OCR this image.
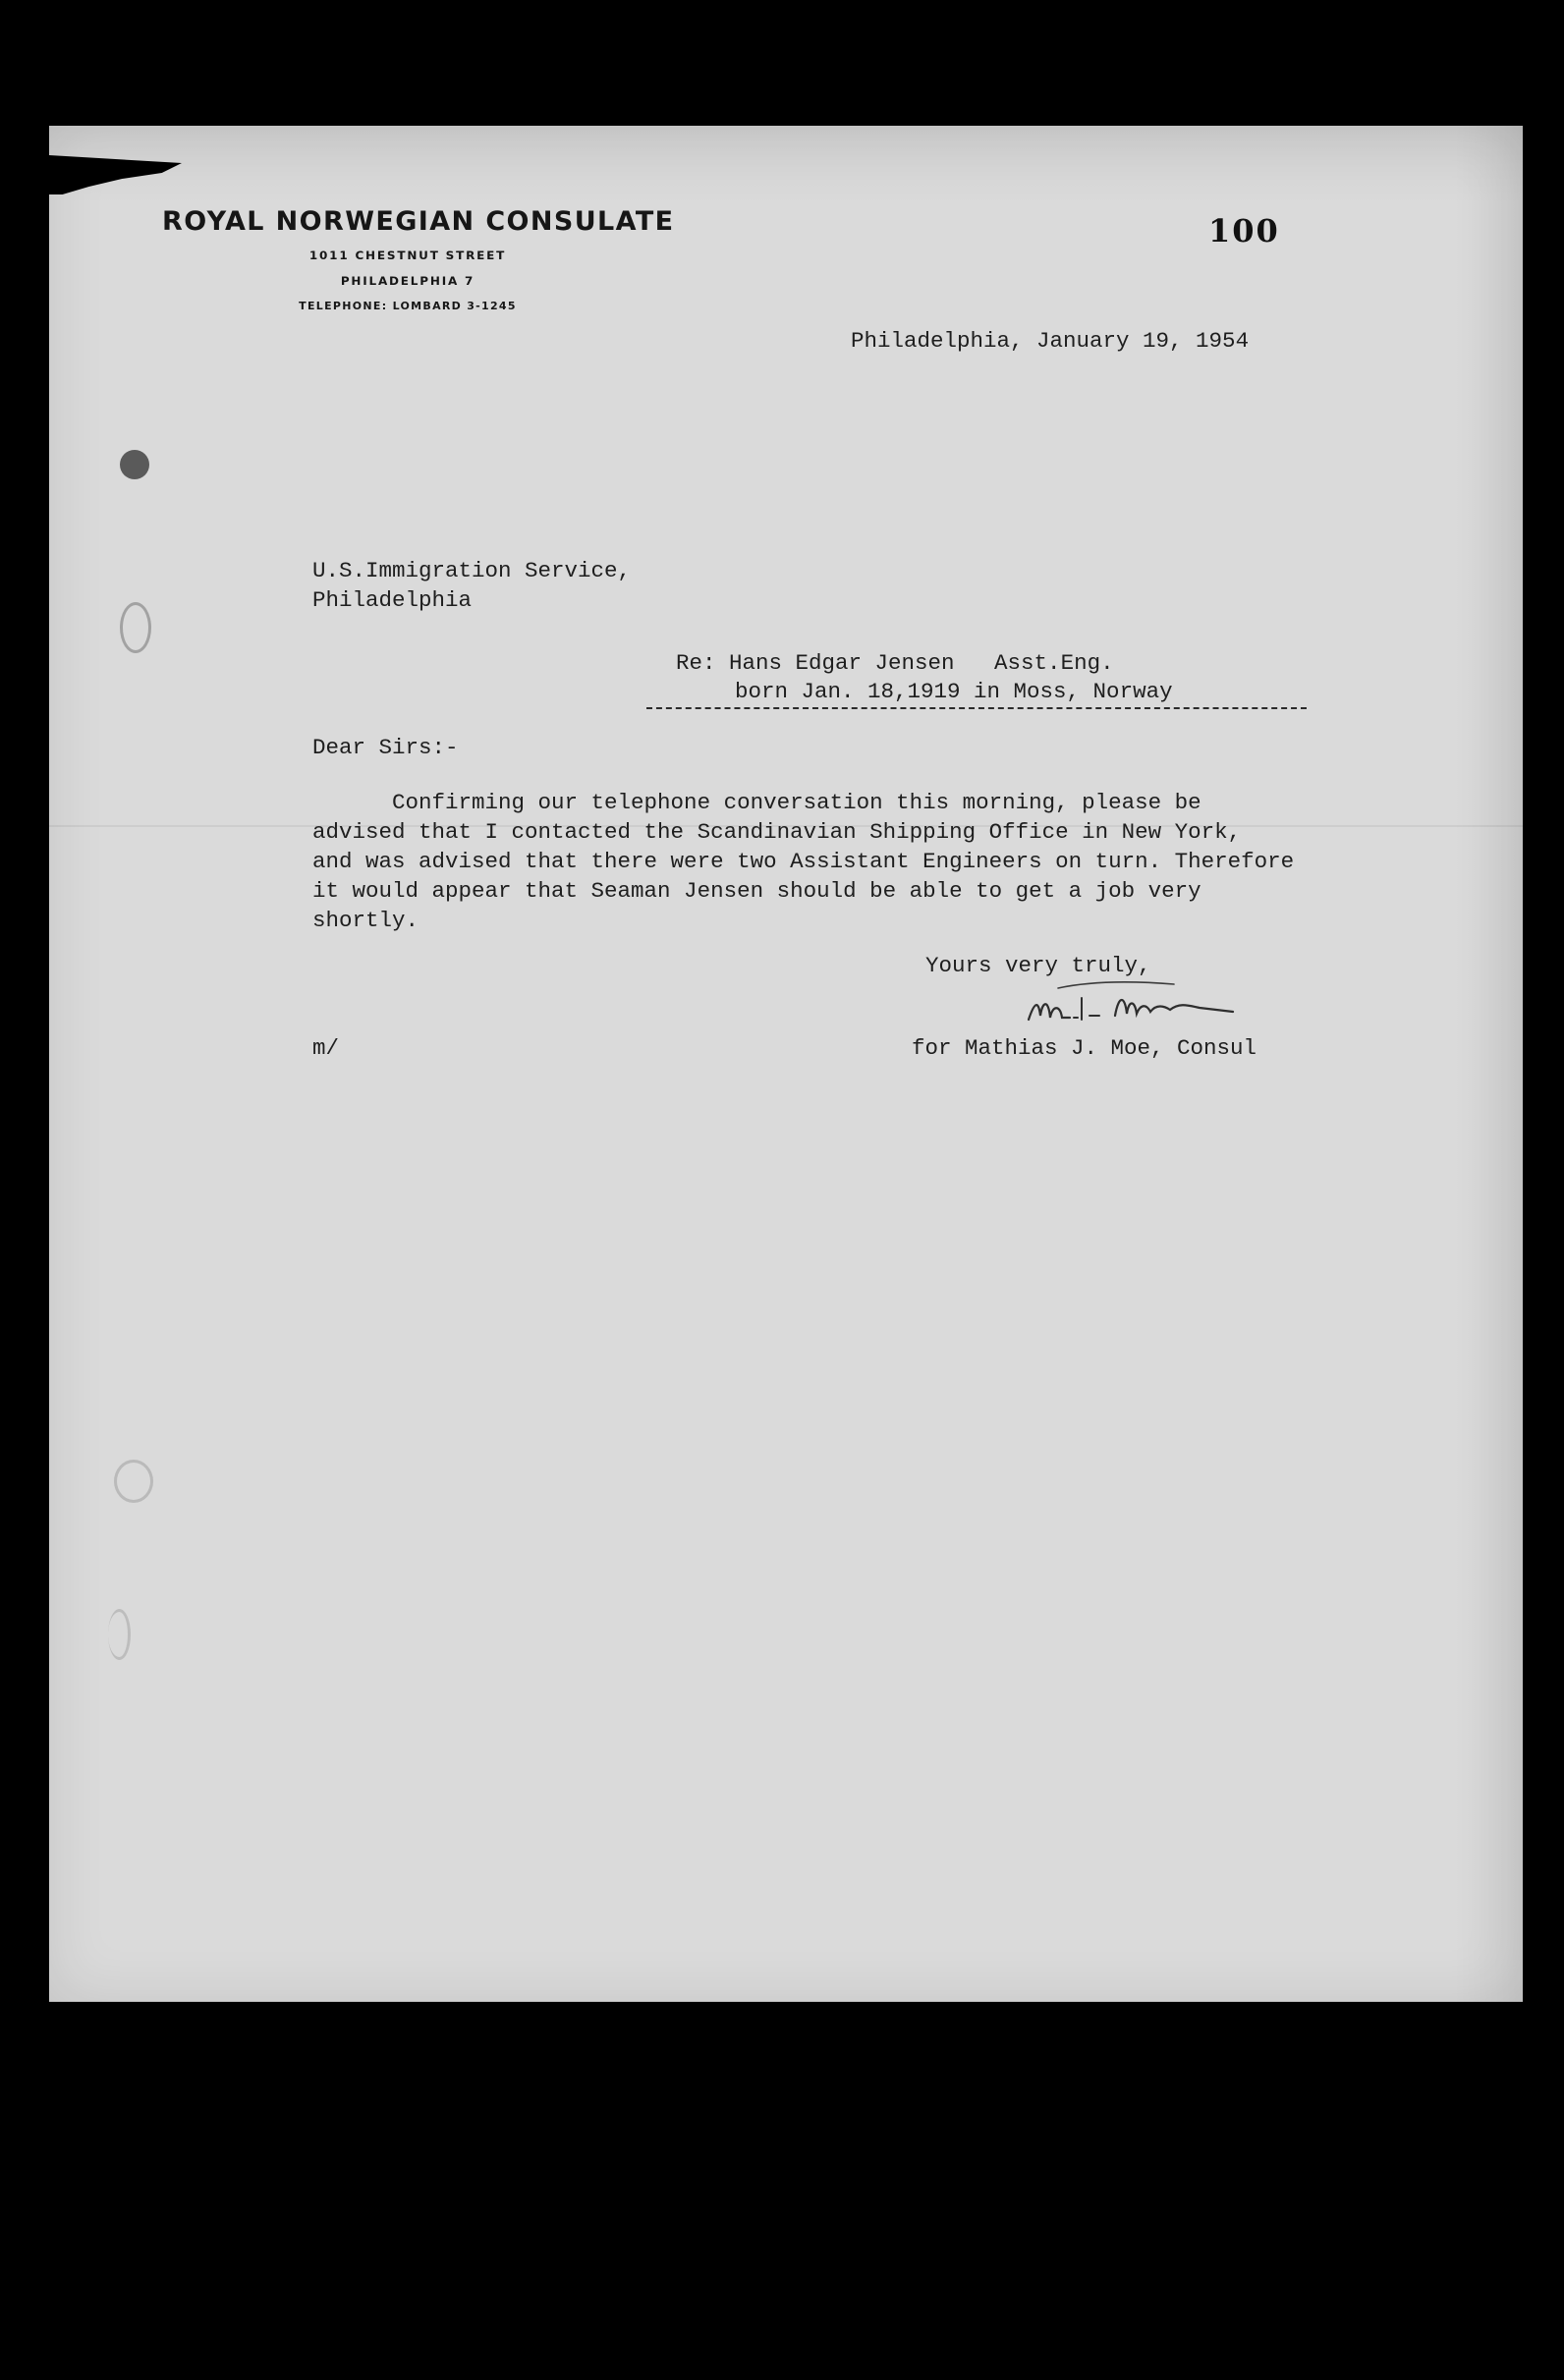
ROYAL NORWEGIAN CONSULATE
1011 CHESTNUT STREET
PHILADELPHIA 7
TELEPHONE: LOMBARD 3-1245
100
Philadelphia, January 19, 1954
U.S.Immigration Service,
Philadelphia
Re: Hans Edgar Jensen   Asst.Eng.
born Jan. 18,1919 in Moss, Norway
Dear Sirs:-
Confirming our telephone conversation this morning, please be
advised that I contacted the Scandinavian Shipping Office in New York,
and was advised that there were two Assistant Engineers on turn. Therefore
it would appear that Seaman Jensen should be able to get a job very
shortly.
Yours very truly,
for Mathias J. Moe, Consul
m/
